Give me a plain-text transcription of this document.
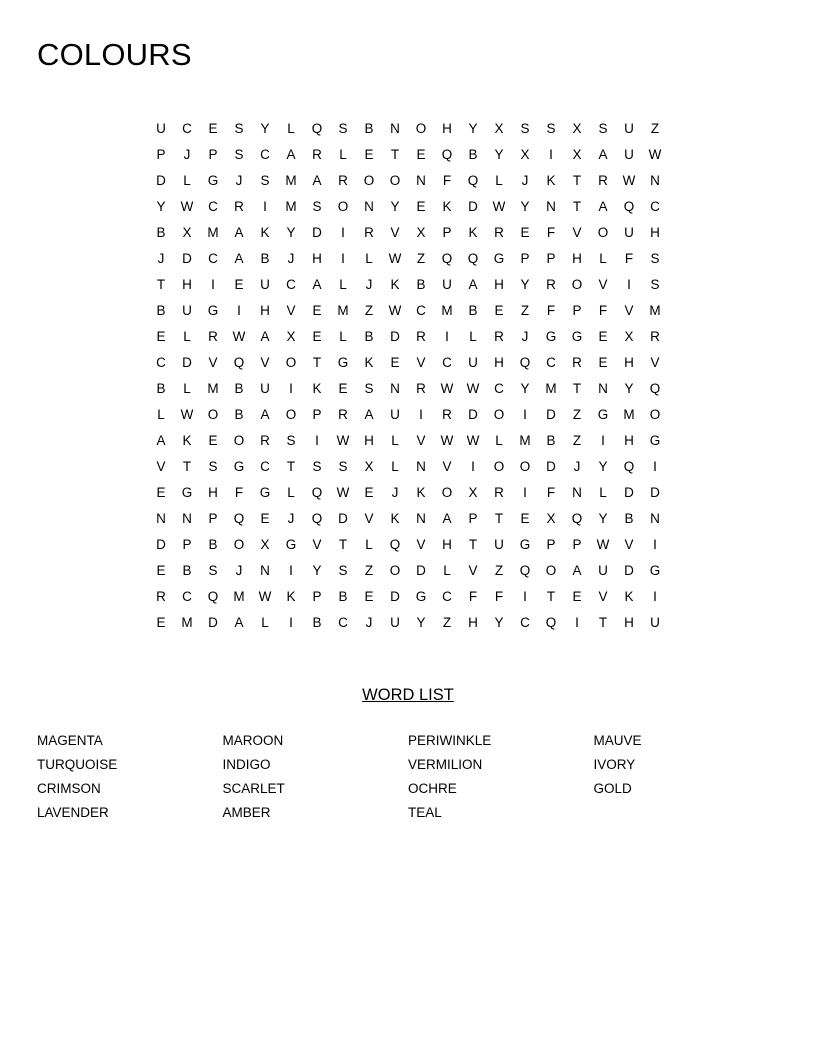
COLOURS
U	C	E	S	Y	L	Q	S	B	N	O	H	Y	X	S	S	X	S	U	Z
P	J	P	S	C	A	R	L	E	T	E	Q	B	Y	X	I	X	A	U	W
D	L	G	J	S	M	A	R	O	O	N	F	Q	L	J	K	T	R	W	N
Y	W	C	R	I	M	S	O	N	Y	E	K	D	W	Y	N	T	A	Q	C
B	X	M	A	K	Y	D	I	R	V	X	P	K	R	E	F	V	O	U	H
J	D	C	A	B	J	H	I	L	W	Z	Q	Q	G	P	P	H	L	F	S
T	H	I	E	U	C	A	L	J	K	B	U	A	H	Y	R	O	V	I	S
B	U	G	I	H	V	E	M	Z	W	C	M	B	E	Z	F	P	F	V	M
E	L	R	W	A	X	E	L	B	D	R	I	L	R	J	G	G	E	X	R
C	D	V	Q	V	O	T	G	K	E	V	C	U	H	Q	C	R	E	H	V
B	L	M	B	U	I	K	E	S	N	R	W W	C	Y	M	T	N	Y	Q
L	W	O	B	A	O	P	R	A	U	I	R	D	O	I	D	Z	G	M	O
A	K	E	O	R	S	I	W	H	L	V	W W	L	M	B	Z	I	H	G
V	T	S	G	C	T	S	S	X	L	N	V	I	O	O	D	J	Y	Q	I
E	G	H	F	G	L	Q	W	E	J	K	O	X	R	I	F	N	L	D	D
N	N	P	Q	E	J	Q	D	V	K	N	A	P	T	E	X	Q	Y	B	N
D	P	B	O	X	G	V	T	L	Q	V	H	T	U	G	P	P	W	V	I
E	B	S	J	N	I	Y	S	Z	O	D	L	V	Z	Q	O	A	U	D	G
R	C	Q	M	W	K	P	B	E	D	G	C	F	F	I	T	E	V	K	I
E	M	D	A	L	I	B	C	J	U	Y	Z	H	Y	C	Q	I	T	H	U
WORD LIST
MAGENTA
TURQUOISE
CRIMSON
LAVENDER
MAROON
INDIGO
SCARLET
AMBER
PERIWINKLE
VERMILION
OCHRE
TEAL
MAUVE
IVORY
GOLD
